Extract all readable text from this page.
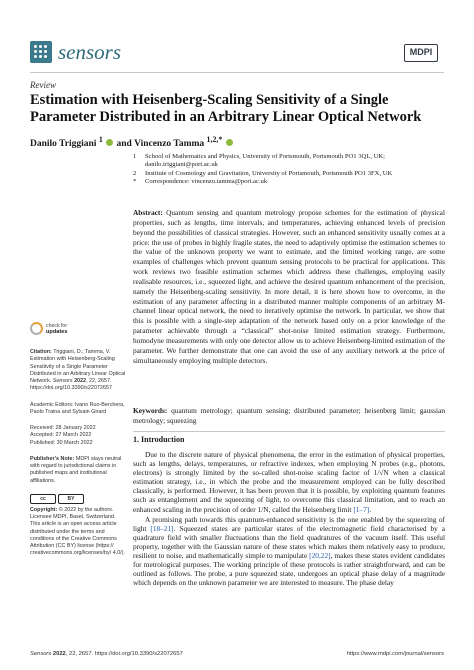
sensors	MDPI
Review
Estimation with Heisenberg-Scaling Sensitivity of a Single Parameter Distributed in an Arbitrary Linear Optical Network
Danilo Triggiani $^1$ and Vincenzo Tamma $^{1,2,*}$
1	School of Mathematics and Physics, University of Portsmouth, Portsmouth PO1 3QL, UK; danilo.triggiani@port.ac.uk
2	Institute of Cosmology and Gravitation, University of Portsmouth, Portsmouth PO1 3FX, UK
*	Correspondence: vincenzo.tamma@port.ac.uk
Abstract: Quantum sensing and quantum metrology propose schemes for the estimation of physical properties, such as lengths, time intervals, and temperatures, achieving enhanced levels of precision beyond the possibilities of classical strategies. However, such an enhanced sensitivity usually comes at a price: the use of probes in highly fragile states, the need to adaptively optimise the estimation schemes to the value of the unknown property we want to estimate, and the limited working range, are some examples of challenges which prevent quantum sensing protocols to be practical for applications. This work reviews two feasible estimation schemes which address these challenges, employing easily realisable resources, i.e., squeezed light, and achieve the desired quantum enhancement of the precision, namely the Heisenberg-scaling sensitivity. In more detail, it is here shown how to overcome, in the estimation of any parameter affecting in a distributed manner multiple components of an arbitrary M-channel linear optical network, the need to iteratively optimise the network. In particular, we show that this is possible with a single-step adaptation of the network based only on a prior knowledge of the parameter achievable through a “classical” shot-noise limited estimation strategy. Furthermore, homodyne measurements with only one detector allow us to achieve Heisenberg-limited estimation of the parameter. We further demonstrate that one can avoid the use of any auxiliary network at the price of simultaneously employing multiple detectors.
Keywords: quantum metrology; quantum sensing; distributed parameter; heisenberg limit; gaussian metrology; squeezing
1. Introduction

Due to the discrete nature of physical phenomena, the error in the estimation of physical properties, such as lengths, delays, temperatures, or refractive indexes, when employing N probes (e.g., photons, electrons) is strongly limited by the so-called shot-noise scaling factor of 1/√N when a classical estimation strategy, i.e., in which the probe and the measurement employed can be fully described classically, is performed. However, it has been proven that it is possible, by exploiting quantum features such as entanglement and the squeezing of light, to overcome this classical limitation, and to reach an enhanced scaling in the precision of order 1/N, called the Heisenberg limit [1–7].

A promising path towards this quantum-enhanced sensitivity is the one enabled by the squeezing of light [18–21]. Squeezed states are particular states of the electromagnetic field characterised by a quadrature field with smaller fluctuations than the field quadratures of the vacuum itself. This useful property, together with the Gaussian nature of these states which makes them relatively easy to produce, resilient to noise, and mathematically simple to manipulate [20,22], makes these states evident candidates for metrological purposes. The working principle of these protocols is rather straightforward, and can be outlined as follows. The probe, a pure squeezed state, undergoes an optical phase delay of a magnitude which depends on the unknown parameter we are interested to measure. The phase delay

check for
updates

Citation: Triggiani, D.; Tamma, V. Estimation with Heisenberg-Scaling Sensitivity of a Single Parameter Distributed in an Arbitrary Linear Optical Network. Sensors 2022, 22, 2657. https://doi.org/10.3390/s22072657

Academic Editors: Ivano Ruo-Berchera, Paolo Traina and Sylvain Girard

Received: 28 January 2022
Accepted: 27 March 2022
Published: 30 March 2022

Publisher’s Note: MDPI stays neutral with regard to jurisdictional claims in published maps and institutional affiliations.

cc	BY

Copyright: © 2022 by the authors. Licensee MDPI, Basel, Switzerland. This article is an open access article distributed under the terms and conditions of the Creative Commons Attribution (CC BY) license (https:// creativecommons.org/licenses/by/ 4.0/).

Sensors 2022, 22, 2657. https://doi.org/10.3390/s22072657	https://www.mdpi.com/journal/sensors
